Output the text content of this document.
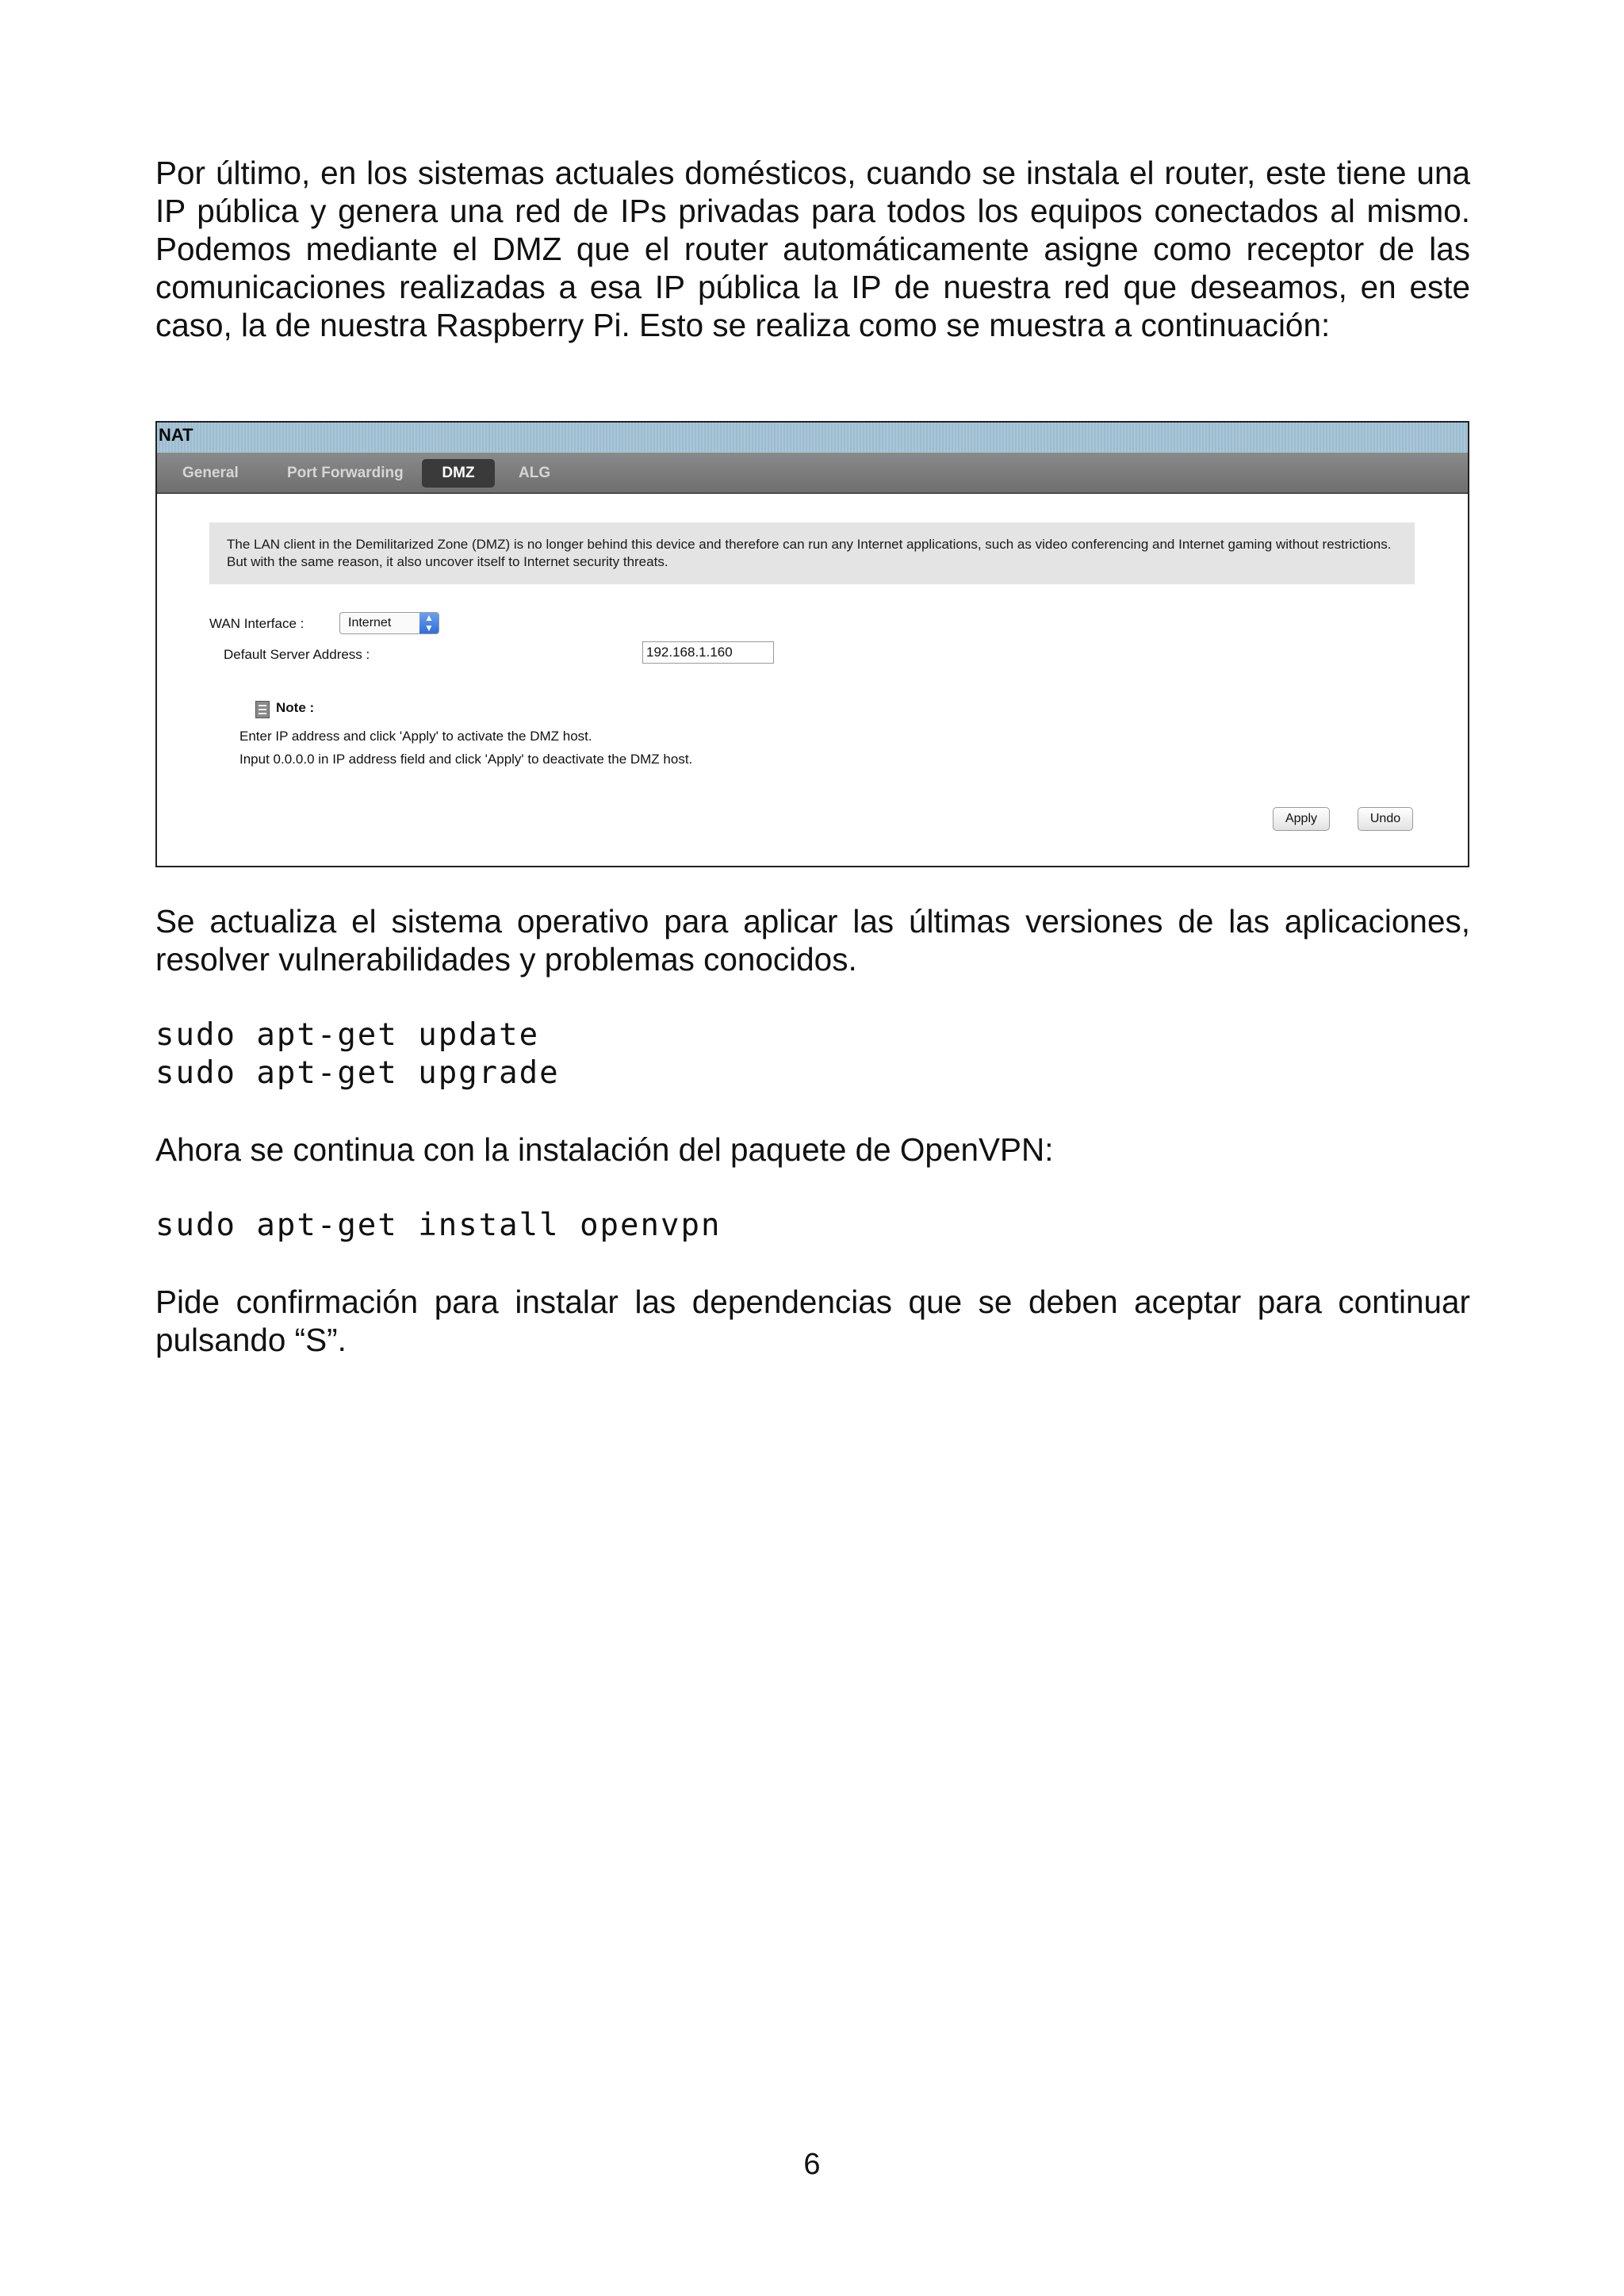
Por último, en los sistemas actuales domésticos, cuando se instala el router, este tiene una IP pública y genera una red de IPs privadas para todos los equipos conectados al mismo. Podemos mediante el DMZ que el router automáticamente asigne como receptor de las comunicaciones realizadas a esa IP pública la IP de nuestra red que deseamos, en este caso, la de nuestra Raspberry Pi. Esto se realiza como se muestra a continuación:

NAT
General	Port Forwarding	DMZ	ALG
The LAN client in the Demilitarized Zone (DMZ) is no longer behind this device and therefore can run any Internet applications, such as video conferencing and Internet gaming without restrictions. But with the same reason, it also uncover itself to Internet security threats.
WAN Interface :	Internet	▲
▼
Default Server Address :	192.168.1.160
Note :
Enter IP address and click 'Apply' to activate the DMZ host.
Input 0.0.0.0 in IP address field and click 'Apply' to deactivate the DMZ host.
Apply	Undo

Se actualiza el sistema operativo para aplicar las últimas versiones de las aplicaciones, resolver vulnerabilidades y problemas conocidos.

sudo apt-get update
sudo apt-get upgrade

Ahora se continua con la instalación del paquete de OpenVPN:

sudo apt-get install openvpn

Pide confirmación para instalar las dependencias que se deben aceptar para continuar pulsando “S”.

6
